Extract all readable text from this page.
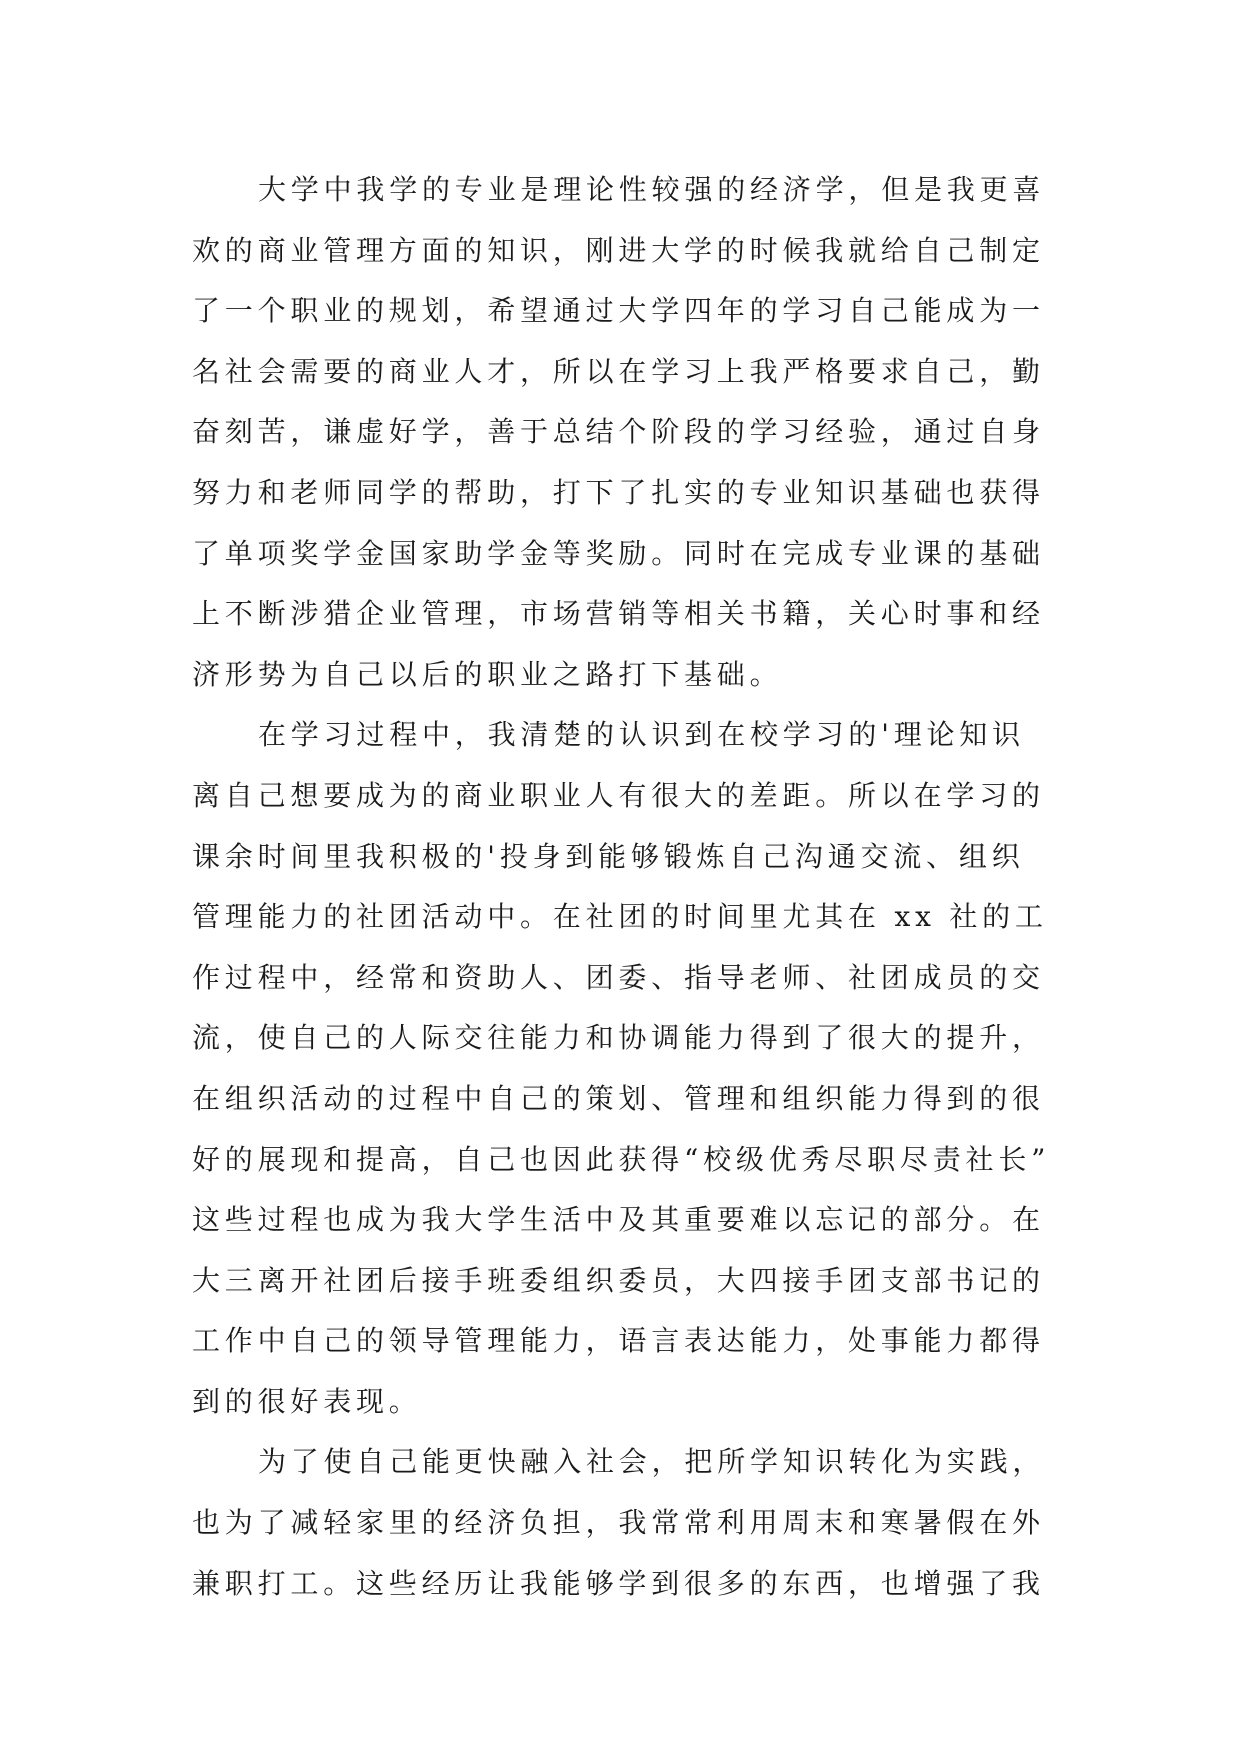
大学中我学的专业是理论性较强的经济学，但是我更喜
欢的商业管理方面的知识，刚进大学的时候我就给自己制定
了一个职业的规划，希望通过大学四年的学习自己能成为一
名社会需要的商业人才，所以在学习上我严格要求自己，勤
奋刻苦，谦虚好学，善于总结个阶段的学习经验，通过自身
努力和老师同学的帮助，打下了扎实的专业知识基础也获得
了单项奖学金国家助学金等奖励。同时在完成专业课的基础
上不断涉猎企业管理，市场营销等相关书籍，关心时事和经
济形势为自己以后的职业之路打下基础。
在学习过程中，我清楚的认识到在校学习的'理论知识
离自己想要成为的商业职业人有很大的差距。所以在学习的
课余时间里我积极的'投身到能够锻炼自己沟通交流、组织
管理能力的社团活动中。在社团的时间里尤其在 xx 社的工
作过程中，经常和资助人、团委、指导老师、社团成员的交
流，使自己的人际交往能力和协调能力得到了很大的提升，
在组织活动的过程中自己的策划、管理和组织能力得到的很
好的展现和提高，自己也因此获得“校级优秀尽职尽责社长”
这些过程也成为我大学生活中及其重要难以忘记的部分。在
大三离开社团后接手班委组织委员，大四接手团支部书记的
工作中自己的领导管理能力，语言表达能力，处事能力都得
到的很好表现。
为了使自己能更快融入社会，把所学知识转化为实践，
也为了减轻家里的经济负担，我常常利用周末和寒暑假在外
兼职打工。这些经历让我能够学到很多的东西，也增强了我
